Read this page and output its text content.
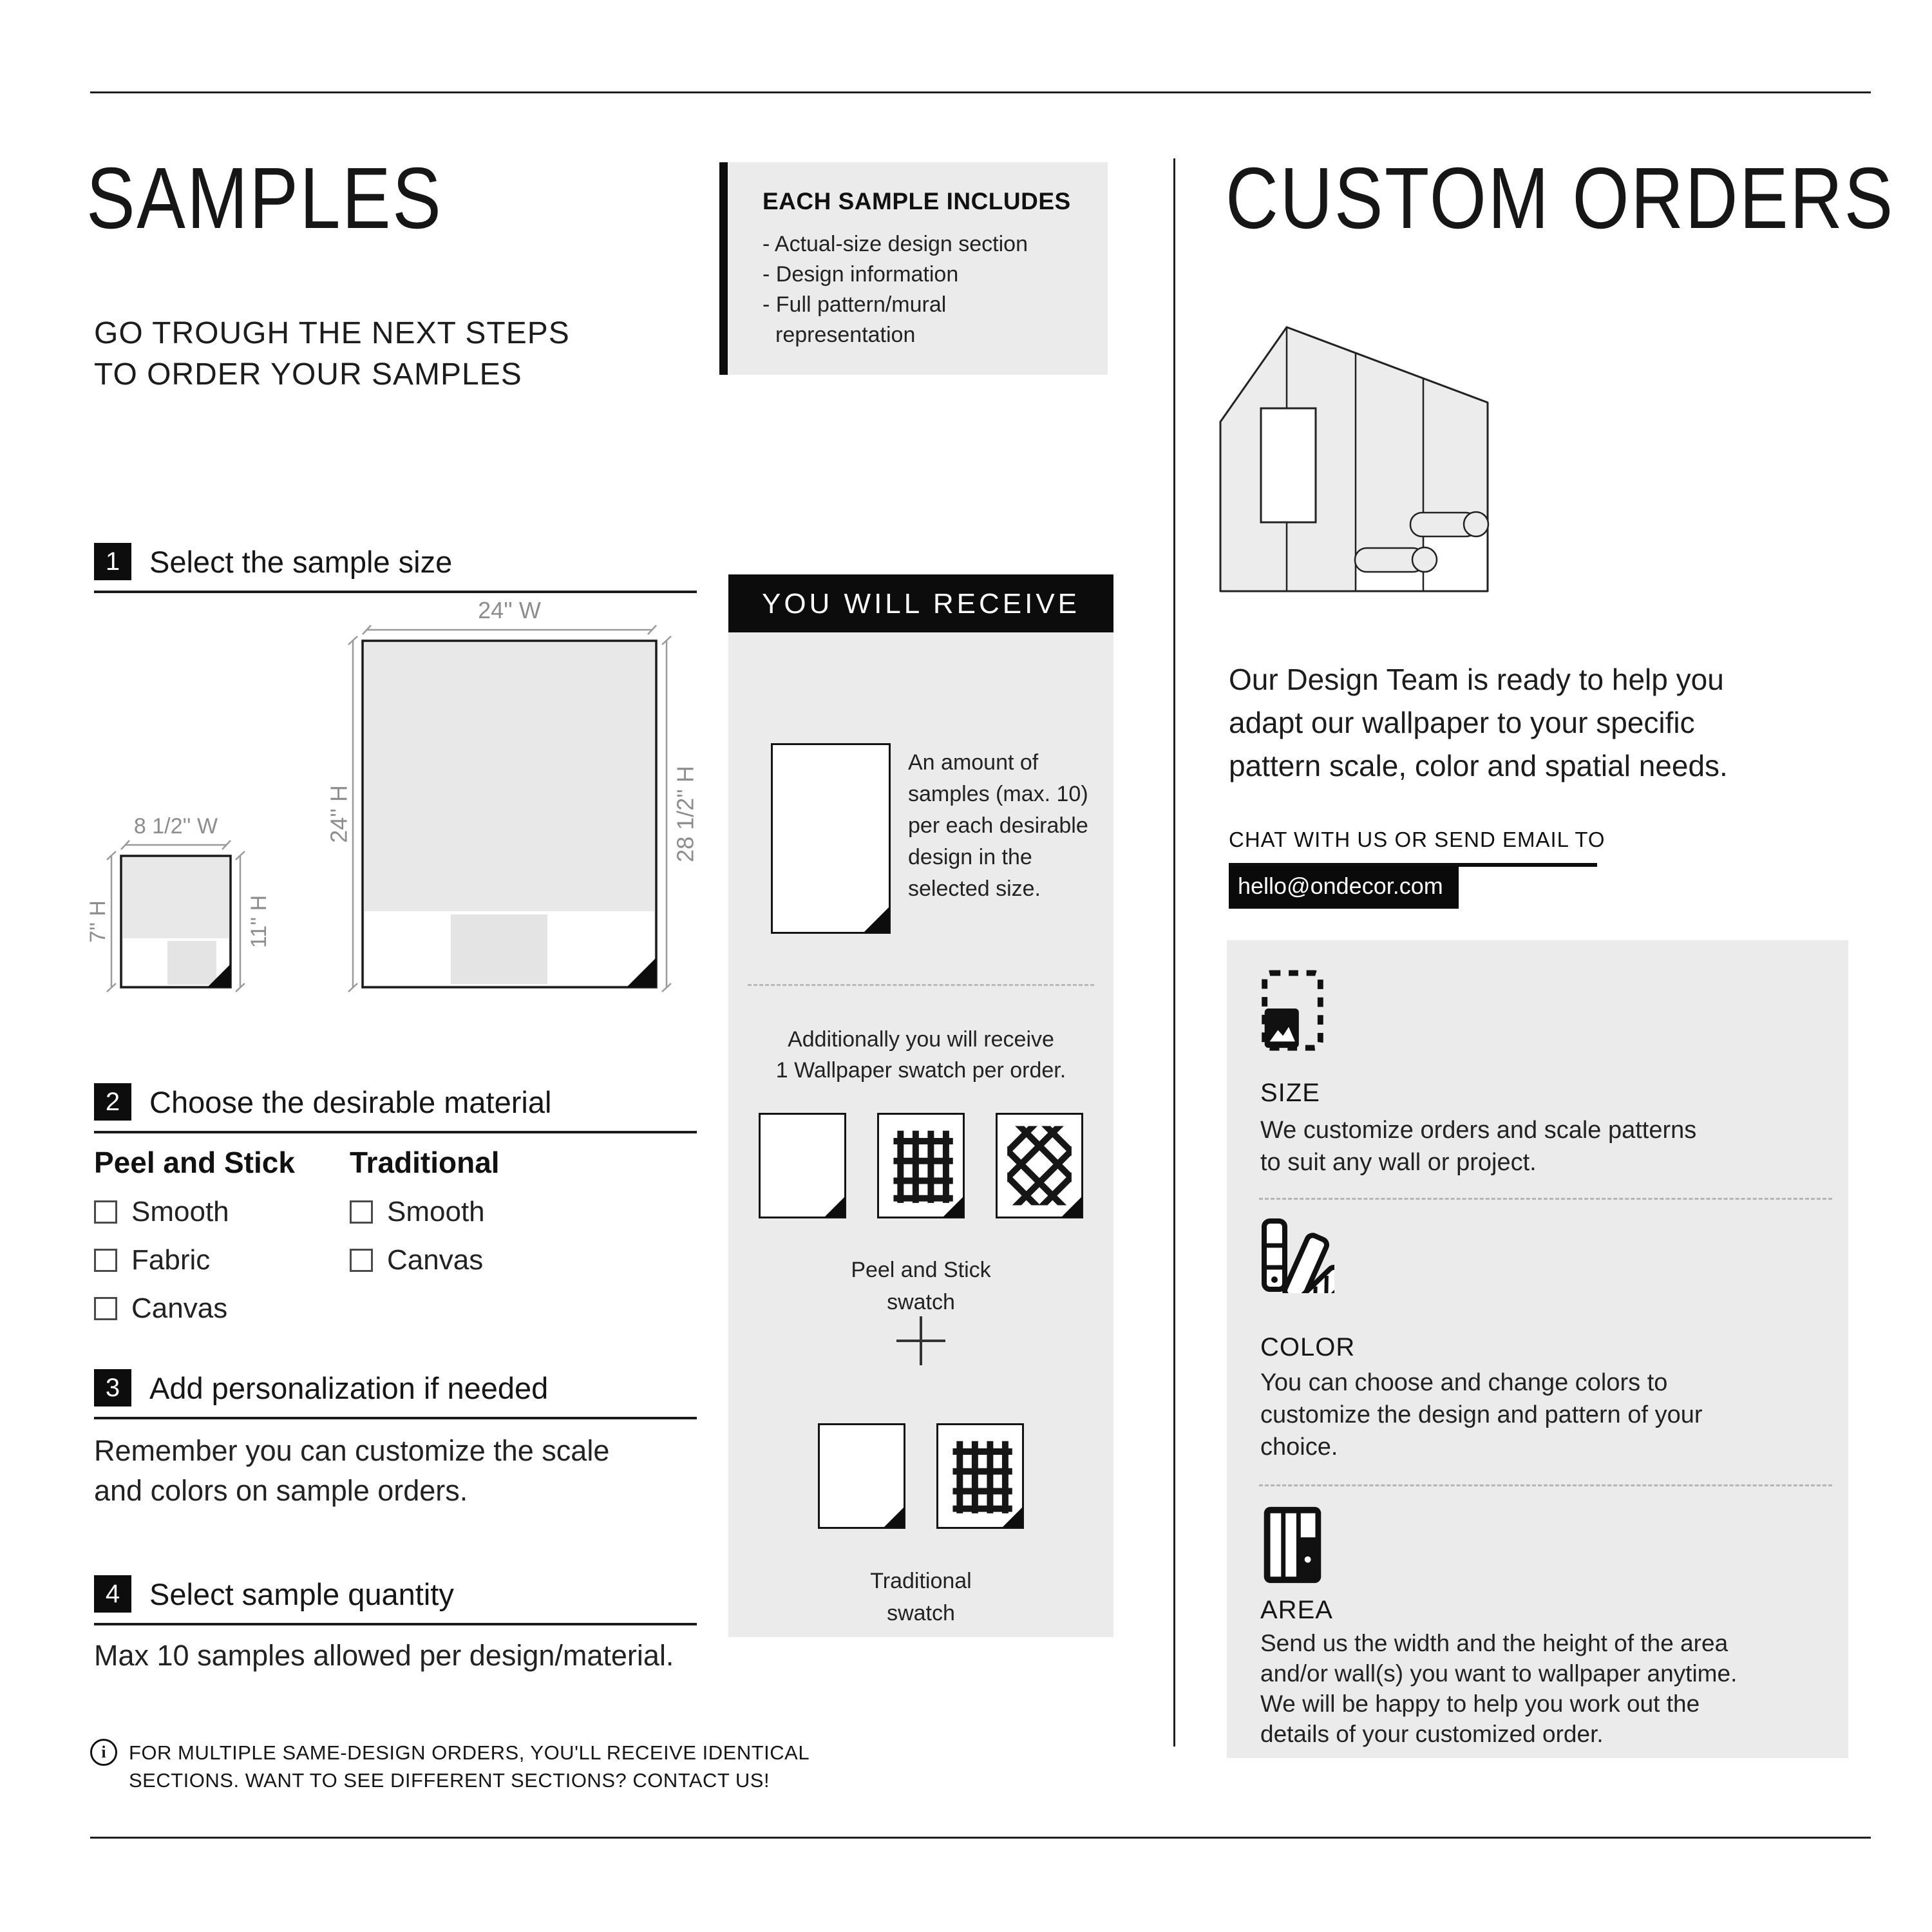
SAMPLES
GO TROUGH THE NEXT STEPS
TO ORDER YOUR SAMPLES
1 Select the sample size
24'' W
24'' H	28 1/2'' H
8 1/2'' W
7'' H	11'' H
2 Choose the desirable material
Peel and Stick
Smooth
Fabric
Canvas
Traditional
Smooth
Canvas
3 Add personalization if needed
Remember you can customize the scale
and colors on sample orders.
4 Select sample quantity
Max 10 samples allowed per design/material.
i	FOR MULTIPLE SAME-DESIGN ORDERS, YOU'LL RECEIVE IDENTICAL
SECTIONS. WANT TO SEE DIFFERENT SECTIONS? CONTACT US!
EACH SAMPLE INCLUDES
- Actual-size design section
- Design information
- Full pattern/mural
representation
YOU WILL RECEIVE
An amount of
samples (max. 10)
per each desirable
design in the
selected size.
Additionally you will receive
1 Wallpaper swatch per order.
Peel and Stick
swatch
Traditional
swatch
CUSTOM ORDERS
Our Design Team is ready to help you
adapt our wallpaper to your specific
pattern scale, color and spatial needs.
CHAT WITH US OR SEND EMAIL TO
hello@ondecor.com
SIZE
We customize orders and scale patterns
to suit any wall or project.
COLOR
You can choose and change colors to
customize the design and pattern of your
choice.
AREA
Send us the width and the height of the area
and/or wall(s) you want to wallpaper anytime.
We will be happy to help you work out the
details of your customized order.
